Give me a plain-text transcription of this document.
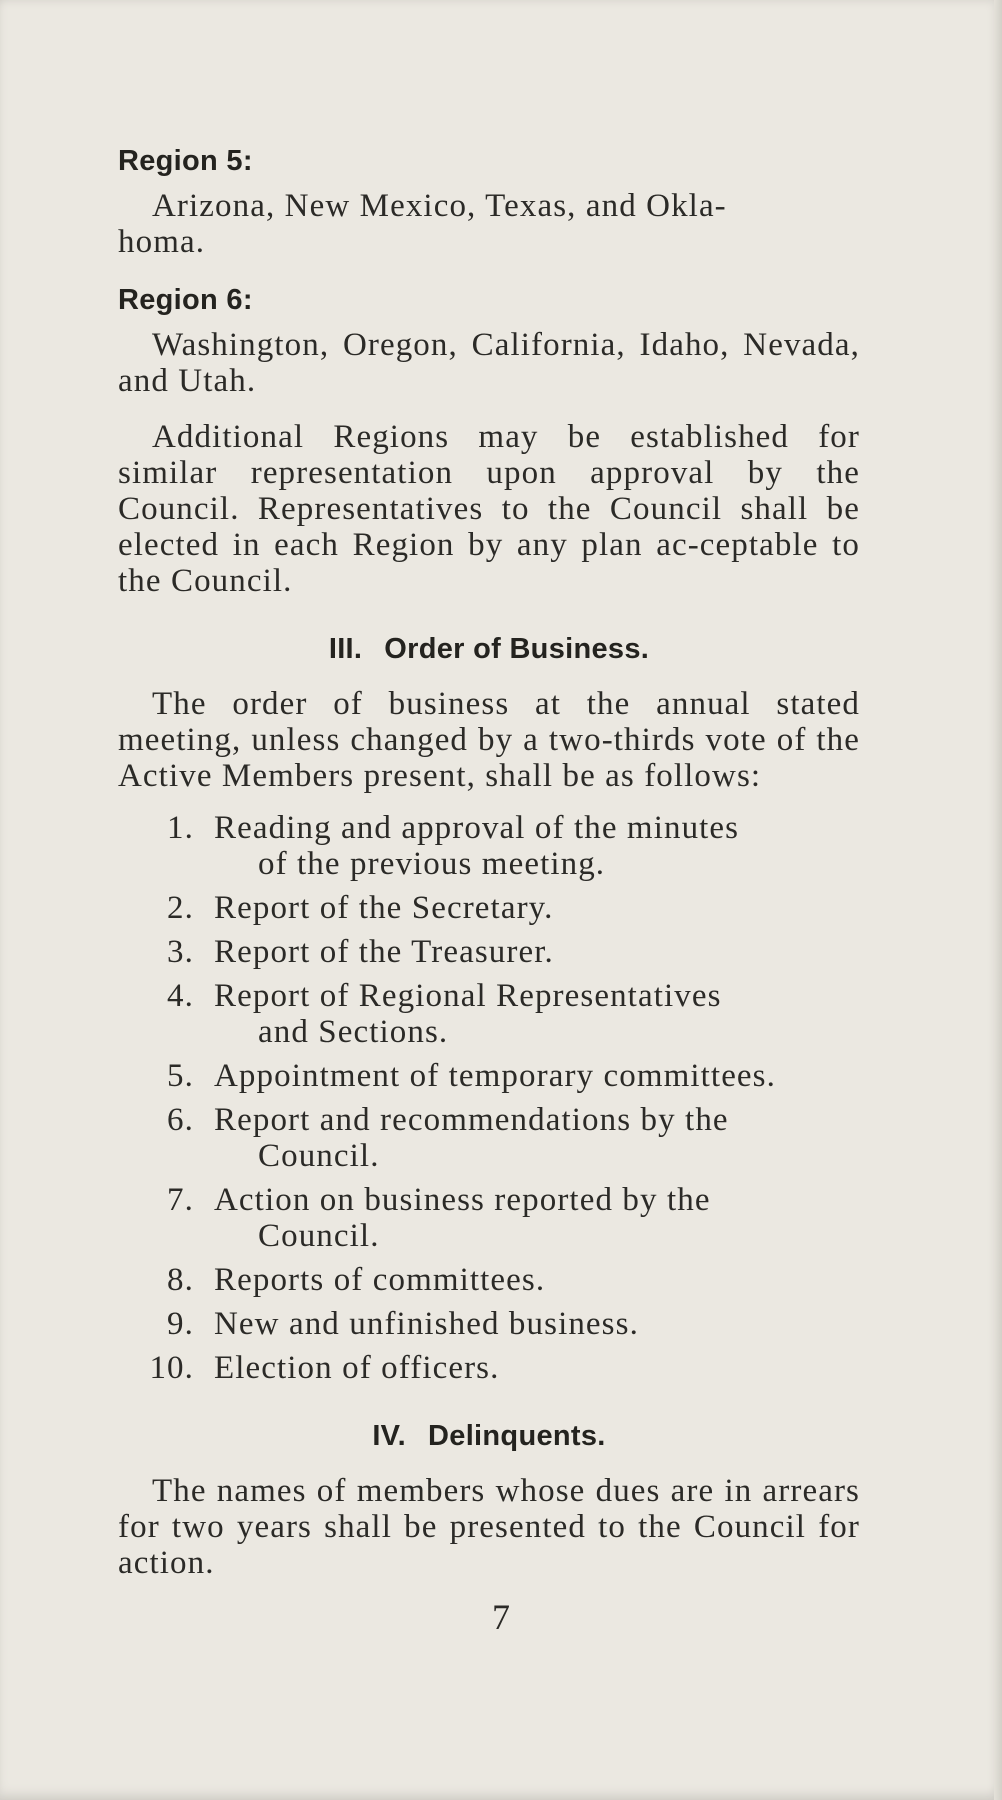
Region 5:

Arizona, New Mexico, Texas, and Okla-
homa.

Region 6:

Washington, Oregon, California, Idaho, Nevada, and Utah.

Additional Regions may be established for similar representation upon approval by the Council. Representatives to the Council shall be elected in each Region by any plan ac-ceptable to the Council.

III. Order of Business.

The order of business at the annual stated meeting, unless changed by a two-thirds vote of the Active Members present, shall be as follows:

1. Reading and approval of the minutes
of the previous meeting.
2. Report of the Secretary.
3. Report of the Treasurer.
4. Report of Regional Representatives
and Sections.
5. Appointment of temporary committees.
6. Report and recommendations by the
Council.
7. Action on business reported by the
Council.
8. Reports of committees.
9. New and unfinished business.
10. Election of officers.

IV. Delinquents.

The names of members whose dues are in arrears for two years shall be presented to the Council for action.

7
